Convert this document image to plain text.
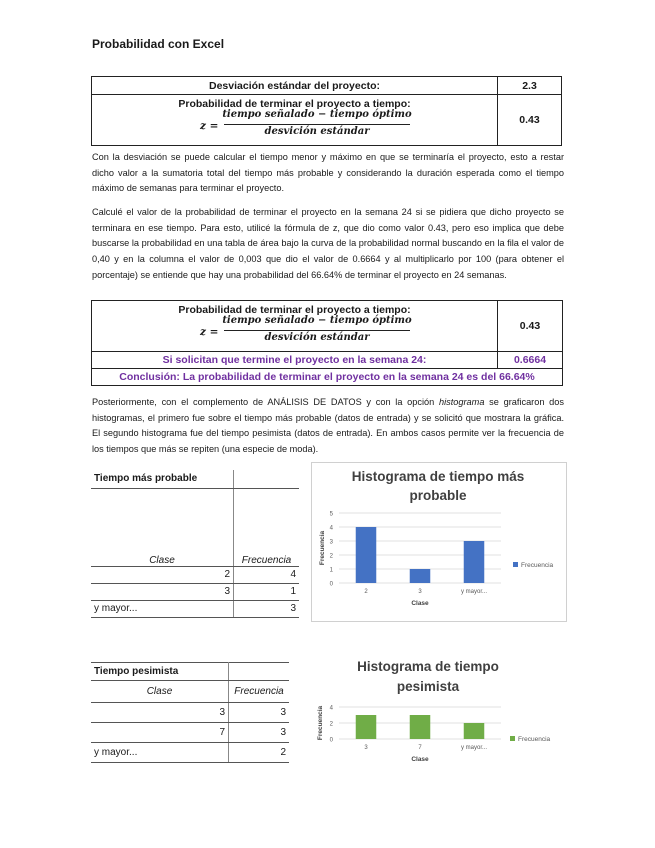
Probabilidad con Excel
Desviación estándar del proyecto:	2.3

Probabilidad de terminar el proyecto a tiempo:
z =
tiempo señalado − tiempo óptimo
desvición estándar	0.43
Con la desviación se puede calcular el tiempo menor y máximo en que se terminaría el proyecto, esto a restar dicho valor a la sumatoria total del tiempo más probable y considerando la duración esperada como el tiempo máximo de semanas para terminar el proyecto.
Calculé el valor de la probabilidad de terminar el proyecto en la semana 24 si se pidiera que dicho proyecto se terminara en ese tiempo. Para esto, utilicé la fórmula de z, que dio como valor 0.43, pero eso implica que debe buscarse la probabilidad en una tabla de área bajo la curva de la probabilidad normal buscando en la fila el valor de 0,40 y en la columna el valor de 0,003 que dio el valor de 0.6664 y al multiplicarlo por 100 (para obtener el porcentaje) se entiende que hay una probabilidad del 66.64% de terminar el proyecto en 24 semanas.
Probabilidad de terminar el proyecto a tiempo:
z =
tiempo señalado − tiempo óptimo
desvición estándar	0.43
Si solicitan que termine el proyecto en la semana 24:	0.6664
Conclusión: La probabilidad de terminar el proyecto en la semana 24 es del 66.64%	
Posteriormente, con el complemento de ANÁLISIS DE DATOS y con la opción histograma se graficaron dos histogramas, el primero fue sobre el tiempo más probable (datos de entrada) y se solicitó que mostrara la gráfica. El segundo histograma fue del tiempo pesimista (datos de entrada). En ambos casos permite ver la frecuencia de los tiempos que más se repiten (una especie de moda).
Tiempo más probable	
Clase	Frecuencia
2	4
3	1
y mayor...	3
Tiempo pesimista	
Clase	Frecuencia
3	3
7	3
y mayor...	2
Histograma de tiempo más
probable
0
1
2
3
4
5
2	3	y mayor...
Clase
Frecuencia
Frecuencia
Histograma de tiempo
pesimista
0
2
4
3	7	y mayor...
Clase
Frecuencia	Frecuencia
